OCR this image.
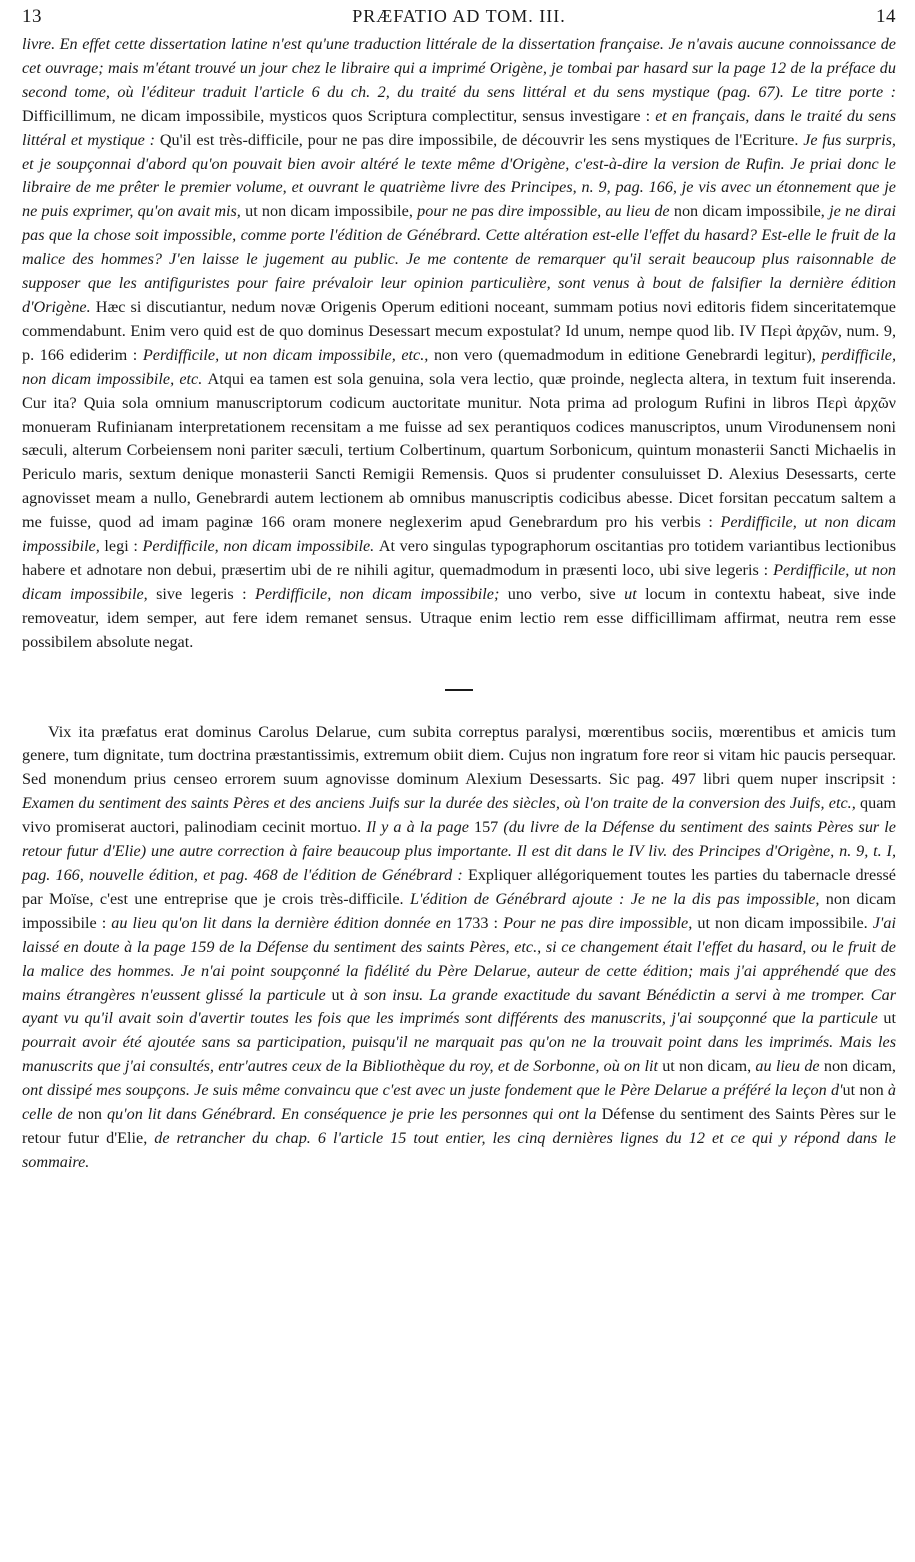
13	PRÆFATIO AD TOM. III.	14

livre. En effet cette dissertation latine n'est qu'une traduction littérale de la dissertation française. Je n'avais aucune connoissance de cet ouvrage; mais m'étant trouvé un jour chez le libraire qui a imprimé Origène, je tombai par hasard sur la page 12 de la préface du second tome, où l'éditeur traduit l'article 6 du ch. 2, du traité du sens littéral et du sens mystique (pag. 67). Le titre porte : Difficillimum, ne dicam impossibile, mysticos quos Scriptura complectitur, sensus investigare : et en français, dans le traité du sens littéral et mystique : Qu'il est très-difficile, pour ne pas dire impossibile, de découvrir les sens mystiques de l'Ecriture. Je fus surpris, et je soupçonnai d'abord qu'on pouvait bien avoir altéré le texte même d'Origène, c'est-à-dire la version de Rufin. Je priai donc le libraire de me prêter le premier volume, et ouvrant le quatrième livre des Principes, n. 9, pag. 166, je vis avec un étonnement que je ne puis exprimer, qu'on avait mis, ut non dicam impossibile, pour ne pas dire impossible, au lieu de non dicam impossibile, je ne dirai pas que la chose soit impossible, comme porte l'édition de Génébrard. Cette altération est-elle l'effet du hasard? Est-elle le fruit de la malice des hommes? J'en laisse le jugement au public. Je me contente de remarquer qu'il serait beaucoup plus raisonnable de supposer que les antifiguristes pour faire prévaloir leur opinion particulière, sont venus à bout de falsifier la dernière édition d'Origène. Hæc si discutiantur, nedum novæ Origenis Operum editioni noceant, summam potius novi editoris fidem sinceritatemque commendabunt. Enim vero quid est de quo dominus Desessart mecum expostulat? Id unum, nempe quod lib. IV Περὶ ἀρχῶν, num. 9, p. 166 ediderim : Perdifficile, ut non dicam impossibile, etc., non vero (quemadmodum in editione Genebrardi legitur), perdifficile, non dicam impossibile, etc. Atqui ea tamen est sola genuina, sola vera lectio, quæ proinde, neglecta altera, in textum fuit inserenda. Cur ita? Quia sola omnium manuscriptorum codicum auctoritate munitur. Nota prima ad prologum Rufini in libros Περὶ ἀρχῶν monueram Rufinianam interpretationem recensitam a me fuisse ad sex perantiquos codices manuscriptos, unum Virodunensem noni sæculi, alterum Corbeiensem noni pariter sæculi, tertium Colbertinum, quartum Sorbonicum, quintum monasterii Sancti Michaelis in Periculo maris, sextum denique monasterii Sancti Remigii Remensis. Quos si prudenter consuluisset D. Alexius Desessarts, certe agnovisset meam a nullo, Genebrardi autem lectionem ab omnibus manuscriptis codicibus abesse. Dicet forsitan peccatum saltem a me fuisse, quod ad imam paginæ 166 oram monere neglexerim apud Genebrardum pro his verbis : Perdifficile, ut non dicam impossibile, legi : Perdifficile, non dicam impossibile. At vero singulas typographorum oscitantias pro totidem variantibus lectionibus habere et adnotare non debui, præsertim ubi de re nihili agitur, quemadmodum in præsenti loco, ubi sive legeris : Perdifficile, ut non dicam impossibile, sive legeris : Perdifficile, non dicam impossibile; uno verbo, sive ut locum in contextu habeat, sive inde removeatur, idem semper, aut fere idem remanet sensus. Utraque enim lectio rem esse difficillimam affirmat, neutra rem esse possibilem absolute negat.

Vix ita præfatus erat dominus Carolus Delarue, cum subita correptus paralysi, mœrentibus sociis, mœrentibus et amicis tum genere, tum dignitate, tum doctrina præstantissimis, extremum obiit diem. Cujus non ingratum fore reor si vitam hic paucis persequar. Sed monendum prius censeo errorem suum agnovisse dominum Alexium Desessarts. Sic pag. 497 libri quem nuper inscripsit : Examen du sentiment des saints Pères et des anciens Juifs sur la durée des siècles, où l'on traite de la conversion des Juifs, etc., quam vivo promiserat auctori, palinodiam cecinit mortuo. Il y a à la page 157 (du livre de la Défense du sentiment des saints Pères sur le retour futur d'Elie) une autre correction à faire beaucoup plus importante. Il est dit dans le IV liv. des Principes d'Origène, n. 9, t. I, pag. 166, nouvelle édition, et pag. 468 de l'édition de Génébrard : Expliquer allégoriquement toutes les parties du tabernacle dressé par Moïse, c'est une entreprise que je crois très-difficile. L'édition de Génébrard ajoute : Je ne la dis pas impossible, non dicam impossibile : au lieu qu'on lit dans la dernière édition donnée en 1733 : Pour ne pas dire impossible, ut non dicam impossibile. J'ai laissé en doute à la page 159 de la Défense du sentiment des saints Pères, etc., si ce changement était l'effet du hasard, ou le fruit de la malice des hommes. Je n'ai point soupçonné la fidélité du Père Delarue, auteur de cette édition; mais j'ai appréhendé que des mains étrangères n'eussent glissé la particule ut à son insu. La grande exactitude du savant Bénédictin a servi à me tromper. Car ayant vu qu'il avait soin d'avertir toutes les fois que les imprimés sont différents des manuscrits, j'ai soupçonné que la particule ut pourrait avoir été ajoutée sans sa participation, puisqu'il ne marquait pas qu'on ne la trouvait point dans les imprimés. Mais les manuscrits que j'ai consultés, entr'autres ceux de la Bibliothèque du roy, et de Sorbonne, où on lit ut non dicam, au lieu de non dicam, ont dissipé mes soupçons. Je suis même convaincu que c'est avec un juste fondement que le Père Delarue a préféré la leçon d'ut non à celle de non qu'on lit dans Génébrard. En conséquence je prie les personnes qui ont la Défense du sentiment des Saints Pères sur le retour futur d'Elie, de retrancher du chap. 6 l'article 15 tout entier, les cinq dernières lignes du 12 et ce qui y répond dans le sommaire.
